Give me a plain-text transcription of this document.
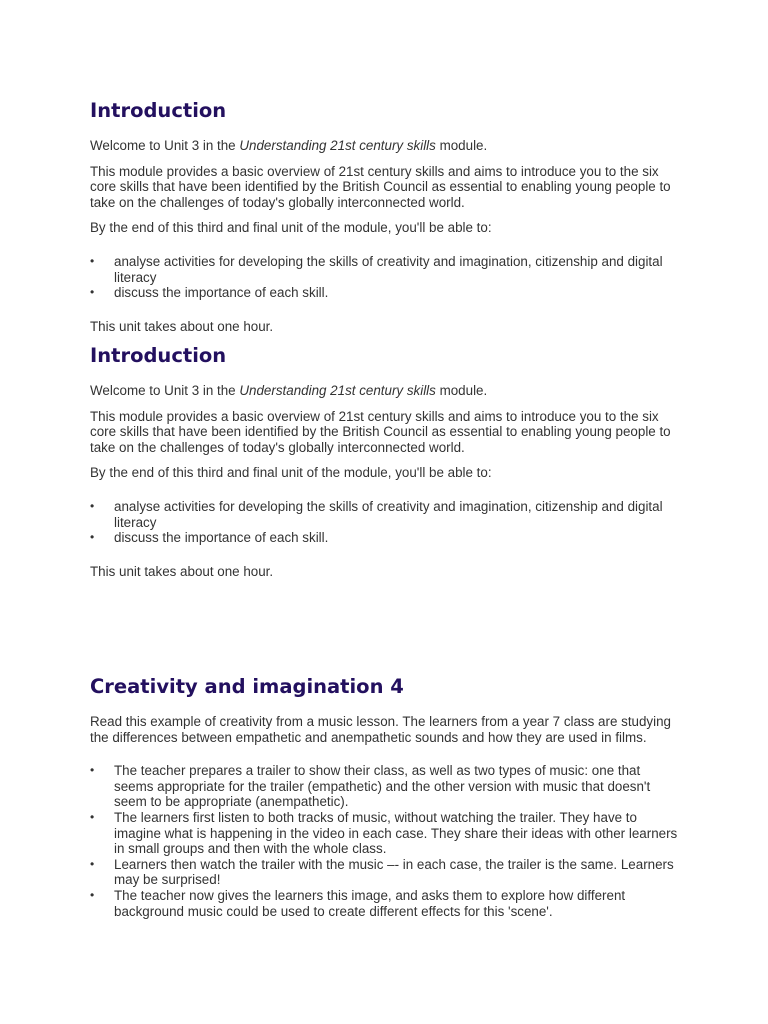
Introduction

Welcome to Unit 3 in the Understanding 21st century skills module.

This module provides a basic overview of 21st century skills and aims to introduce you to the six core skills that have been identified by the British Council as essential to enabling young people to take on the challenges of today's globally interconnected world.

By the end of this third and final unit of the module, you'll be able to:

•	analyse activities for developing the skills of creativity and imagination, citizenship and digital literacy
•	discuss the importance of each skill.

This unit takes about one hour.

Introduction

Welcome to Unit 3 in the Understanding 21st century skills module.

This module provides a basic overview of 21st century skills and aims to introduce you to the six core skills that have been identified by the British Council as essential to enabling young people to take on the challenges of today's globally interconnected world.

By the end of this third and final unit of the module, you'll be able to:

•	analyse activities for developing the skills of creativity and imagination, citizenship and digital literacy
•	discuss the importance of each skill.

This unit takes about one hour.

Creativity and imagination 4

Read this example of creativity from a music lesson. The learners from a year 7 class are studying the differences between empathetic and anempathetic sounds and how they are used in films.

•	The teacher prepares a trailer to show their class, as well as two types of music: one that seems appropriate for the trailer (empathetic) and the other version with music that doesn't seem to be appropriate (anempathetic).
•	The learners first listen to both tracks of music, without watching the trailer. They have to imagine what is happening in the video in each case. They share their ideas with other learners in small groups and then with the whole class.
•	Learners then watch the trailer with the music –- in each case, the trailer is the same. Learners may be surprised!
•	The teacher now gives the learners this image, and asks them to explore how different background music could be used to create different effects for this 'scene'.
